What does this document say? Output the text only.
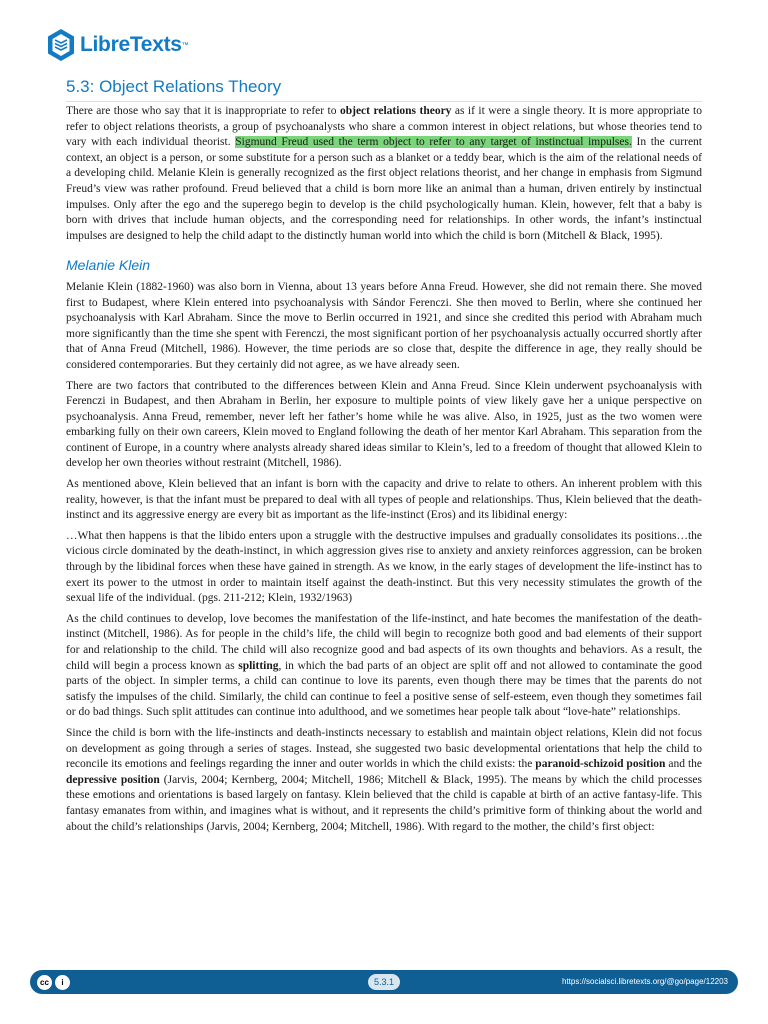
LibreTexts ™
5.3: Object Relations Theory

There are those who say that it is inappropriate to refer to object relations theory as if it were a single theory. It is more appropriate to refer to object relations theorists, a group of psychoanalysts who share a common interest in object relations, but whose theories tend to vary with each individual theorist. Sigmund Freud used the term object to refer to any target of instinctual impulses. In the current context, an object is a person, or some substitute for a person such as a blanket or a teddy bear, which is the aim of the relational needs of a developing child. Melanie Klein is generally recognized as the first object relations theorist, and her change in emphasis from Sigmund Freud’s view was rather profound. Freud believed that a child is born more like an animal than a human, driven entirely by instinctual impulses. Only after the ego and the superego begin to develop is the child psychologically human. Klein, however, felt that a baby is born with drives that include human objects, and the corresponding need for relationships. In other words, the infant’s instinctual impulses are designed to help the child adapt to the distinctly human world into which the child is born (Mitchell & Black, 1995).

Melanie Klein

Melanie Klein (1882-1960) was also born in Vienna, about 13 years before Anna Freud. However, she did not remain there. She moved first to Budapest, where Klein entered into psychoanalysis with Sándor Ferenczi. She then moved to Berlin, where she continued her psychoanalysis with Karl Abraham. Since the move to Berlin occurred in 1921, and since she credited this period with Abraham much more significantly than the time she spent with Ferenczi, the most significant portion of her psychoanalysis actually occurred shortly after that of Anna Freud (Mitchell, 1986). However, the time periods are so close that, despite the difference in age, they really should be considered contemporaries. But they certainly did not agree, as we have already seen.

There are two factors that contributed to the differences between Klein and Anna Freud. Since Klein underwent psychoanalysis with Ferenczi in Budapest, and then Abraham in Berlin, her exposure to multiple points of view likely gave her a unique perspective on psychoanalysis. Anna Freud, remember, never left her father’s home while he was alive. Also, in 1925, just as the two women were embarking fully on their own careers, Klein moved to England following the death of her mentor Karl Abraham. This separation from the continent of Europe, in a country where analysts already shared ideas similar to Klein’s, led to a freedom of thought that allowed Klein to develop her own theories without restraint (Mitchell, 1986).

As mentioned above, Klein believed that an infant is born with the capacity and drive to relate to others. An inherent problem with this reality, however, is that the infant must be prepared to deal with all types of people and relationships. Thus, Klein believed that the death-instinct and its aggressive energy are every bit as important as the life-instinct (Eros) and its libidinal energy:

…What then happens is that the libido enters upon a struggle with the destructive impulses and gradually consolidates its positions…the vicious circle dominated by the death-instinct, in which aggression gives rise to anxiety and anxiety reinforces aggression, can be broken through by the libidinal forces when these have gained in strength. As we know, in the early stages of development the life-instinct has to exert its power to the utmost in order to maintain itself against the death-instinct. But this very necessity stimulates the growth of the sexual life of the individual. (pgs. 211-212; Klein, 1932/1963)

As the child continues to develop, love becomes the manifestation of the life-instinct, and hate becomes the manifestation of the death-instinct (Mitchell, 1986). As for people in the child’s life, the child will begin to recognize both good and bad elements of their support for and relationship to the child. The child will also recognize good and bad aspects of its own thoughts and behaviors. As a result, the child will begin a process known as splitting, in which the bad parts of an object are split off and not allowed to contaminate the good parts of the object. In simpler terms, a child can continue to love its parents, even though there may be times that the parents do not satisfy the impulses of the child. Similarly, the child can continue to feel a positive sense of self-esteem, even though they sometimes fail or do bad things. Such split attitudes can continue into adulthood, and we sometimes hear people talk about “love-hate” relationships.

Since the child is born with the life-instincts and death-instincts necessary to establish and maintain object relations, Klein did not focus on development as going through a series of stages. Instead, she suggested two basic developmental orientations that help the child to reconcile its emotions and feelings regarding the inner and outer worlds in which the child exists: the paranoid-schizoid position and the depressive position (Jarvis, 2004; Kernberg, 2004; Mitchell, 1986; Mitchell & Black, 1995). The means by which the child processes these emotions and orientations is based largely on fantasy. Klein believed that the child is capable at birth of an active fantasy-life. This fantasy emanates from within, and imagines what is without, and it represents the child’s primitive form of thinking about the world and about the child’s relationships (Jarvis, 2004; Kernberg, 2004; Mitchell, 1986). With regard to the mother, the child’s first object:

cc	i	5.3.1	https://socialsci.libretexts.org/@go/page/12203
